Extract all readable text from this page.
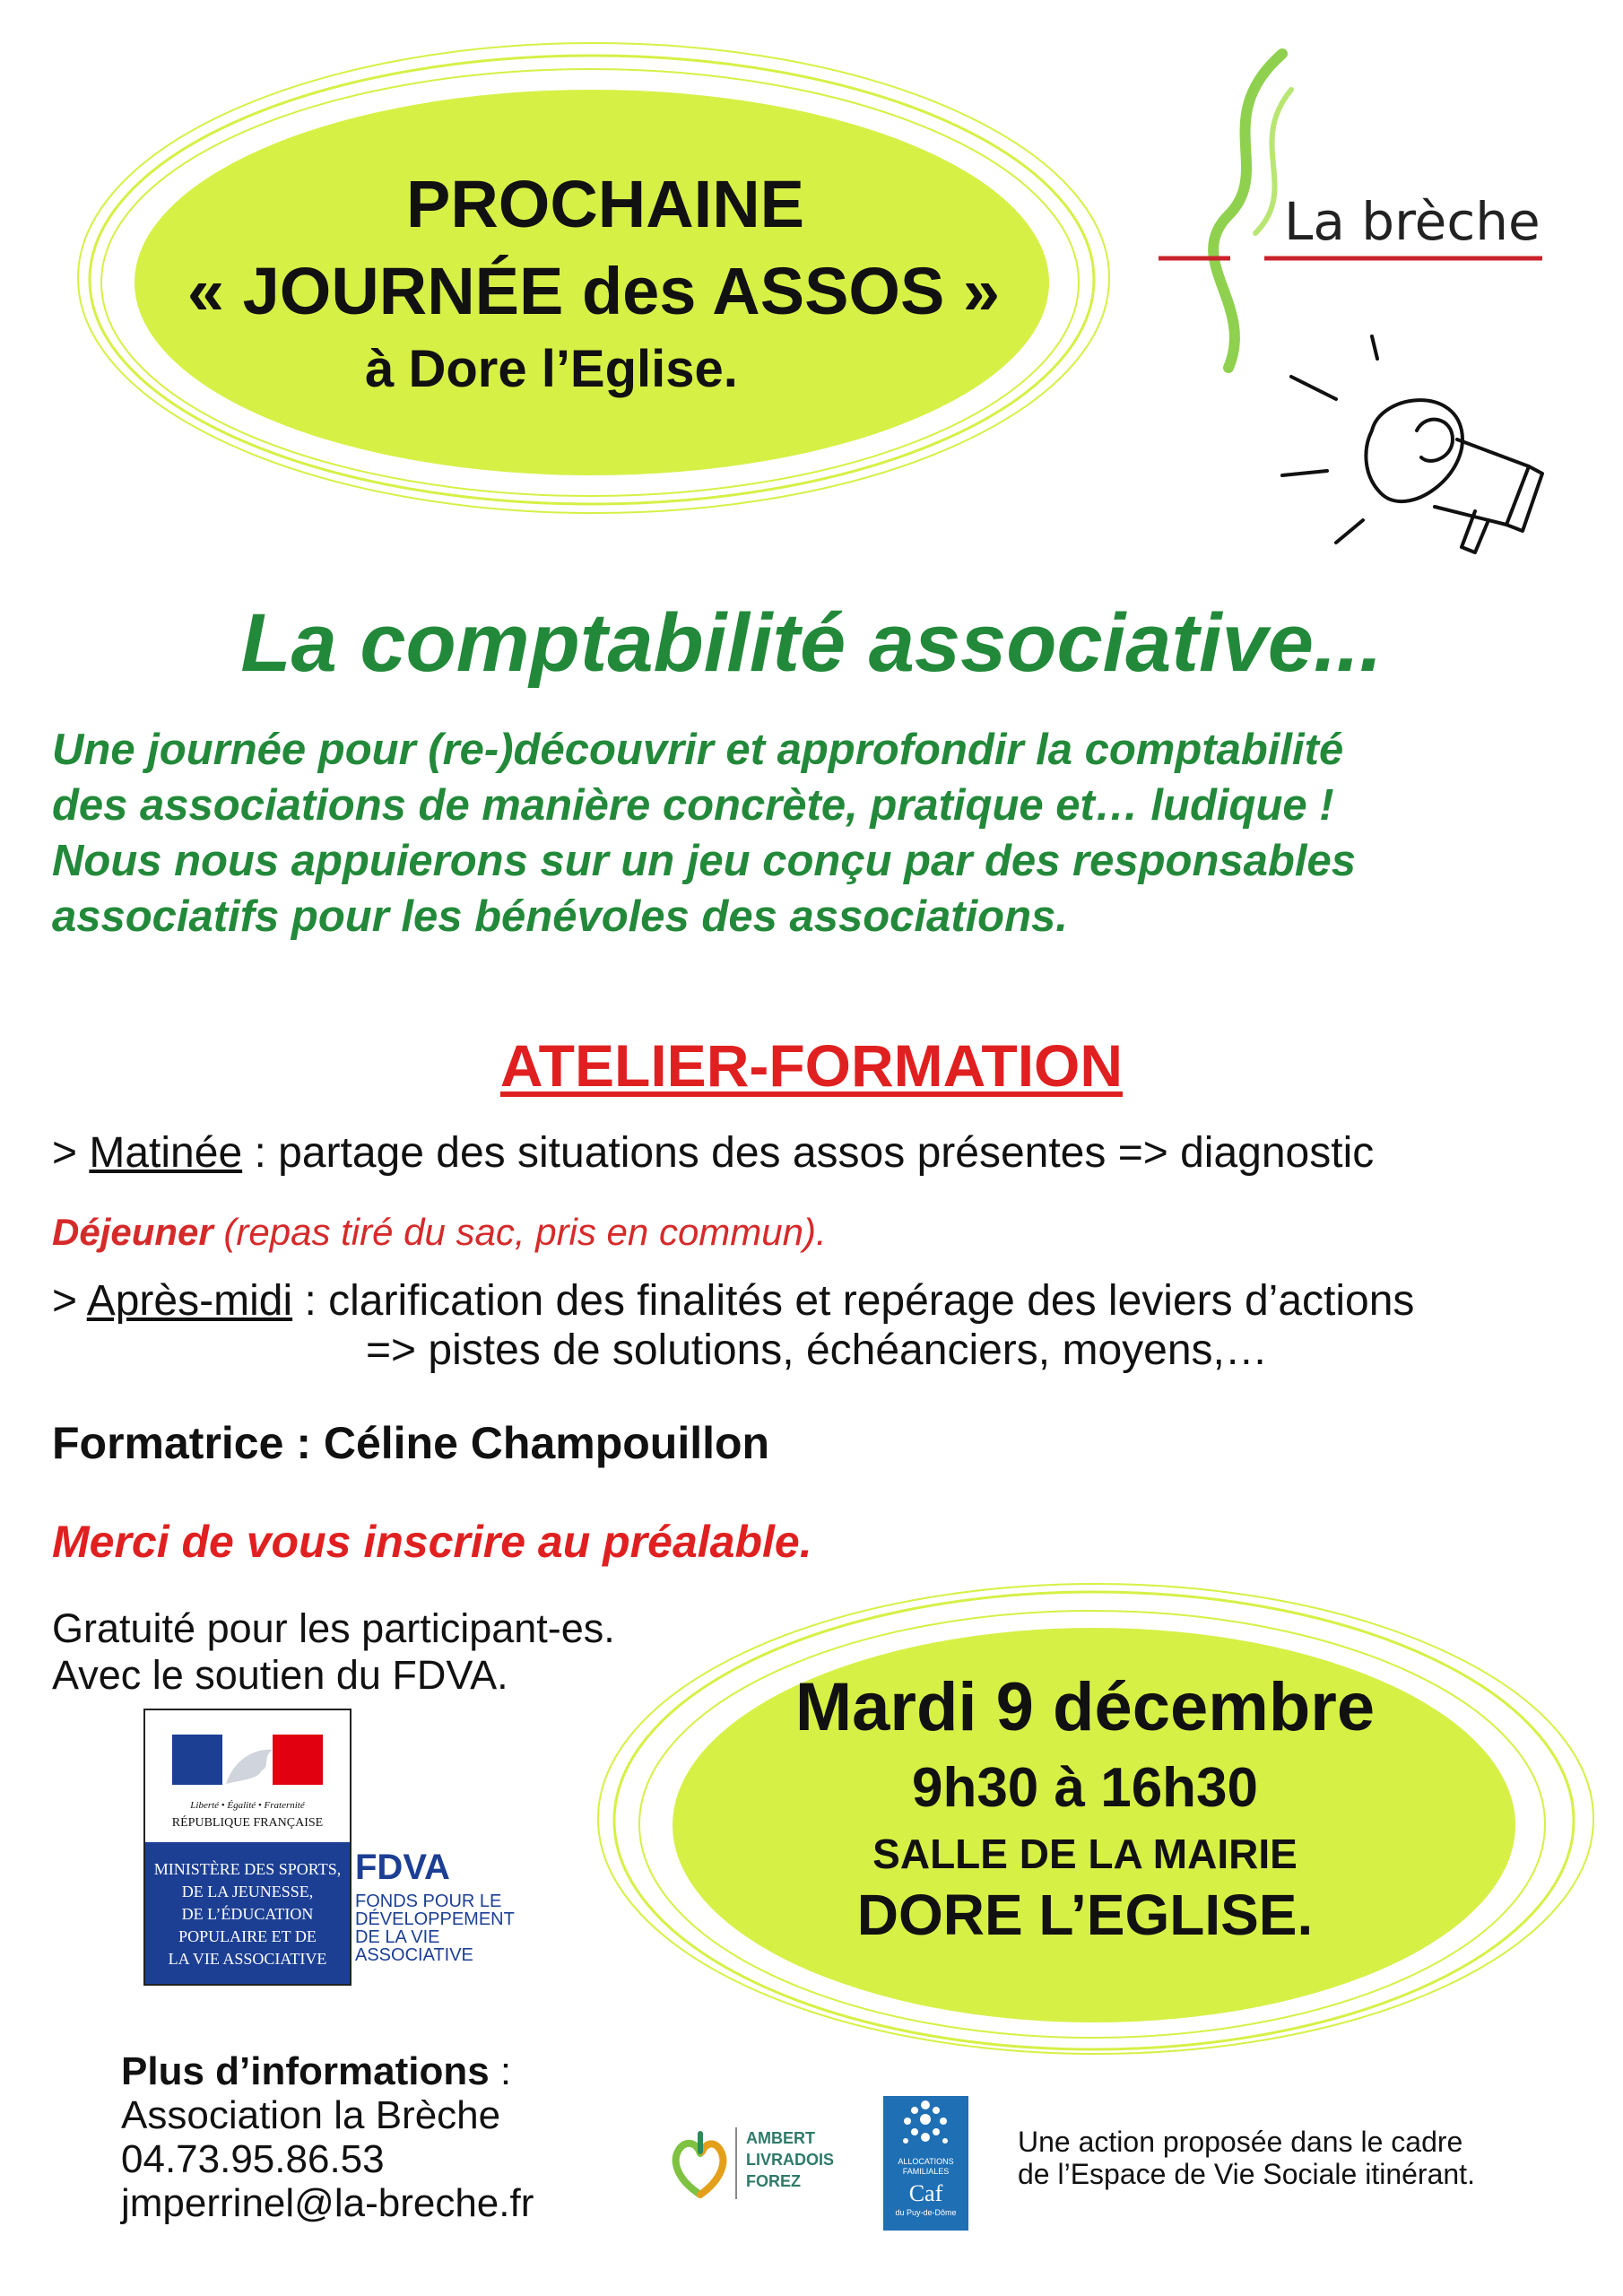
PROCHAINE
« JOURNÉE des ASSOS »
à Dore l’Eglise.
La brèche
La comptabilité associative...
Une journée pour (re-)découvrir et approfondir la comptabilité
des associations de manière concrète, pratique et… ludique !
Nous nous appuierons sur un jeu conçu par des responsables
associatifs pour les bénévoles des associations.
ATELIER-FORMATION
> Matinée : partage des situations des assos présentes => diagnostic
Déjeuner (repas tiré du sac, pris en commun).
> Après-midi : clarification des finalités et repérage des leviers d’actions
=> pistes de solutions, échéanciers, moyens,…
Formatrice : Céline Champouillon
Merci de vous inscrire au préalable.
Gratuité pour les participant-es.
Avec le soutien du FDVA.	Mardi 9 décembre
9h30 à 16h30
SALLE DE LA MAIRIE
DORE L’EGLISE.
Liberté • Égalité • Fraternité
RÉPUBLIQUE FRANÇAISE
MINISTÈRE DES SPORTS,
DE LA JEUNESSE,
DE L’ÉDUCATION
POPULAIRE ET DE
LA VIE ASSOCIATIVE
FDVA
FONDS POUR LE
DÉVELOPPEMENT
DE LA VIE
ASSOCIATIVE
Plus d’informations :
Association la Brèche
04.73.95.86.53
jmperrinel@la-breche.fr
AMBERT
LIVRADOIS
FOREZ
ALLOCATIONS
FAMILIALES
Caf
du Puy-de-Dôme
Une action proposée dans le cadre
de l’Espace de Vie Sociale itinérant.
